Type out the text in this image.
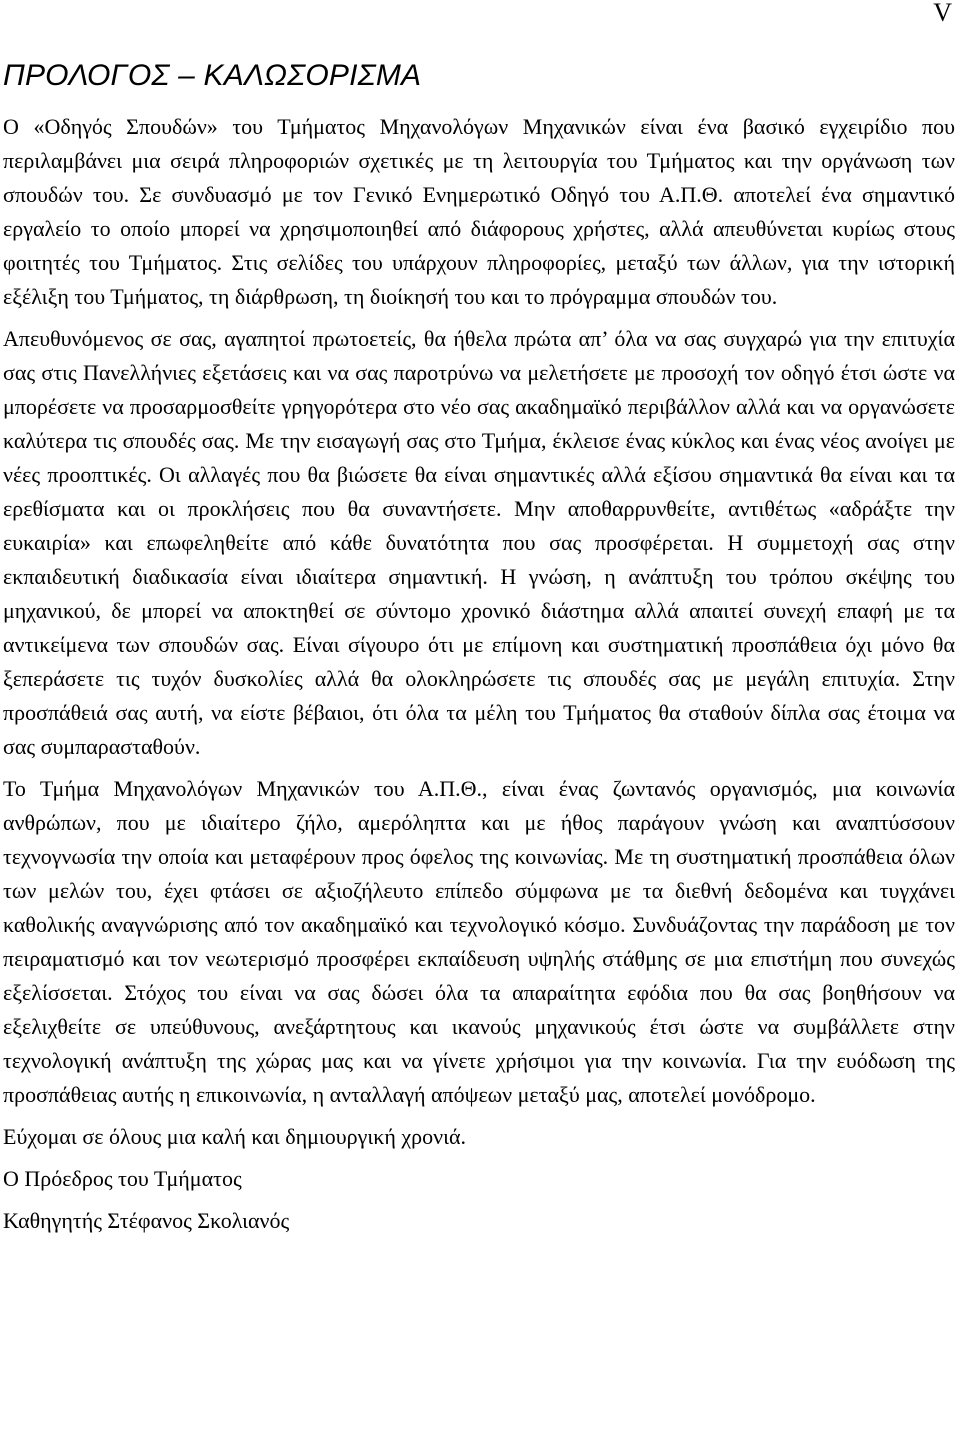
V
ΠΡΟΛΟΓΟΣ – ΚΑΛΩΣΟΡΙΣΜΑ

Ο «Οδηγός Σπουδών» του Τμήματος Μηχανολόγων Μηχανικών είναι ένα βασικό εγχειρίδιο που περιλαμβάνει μια σειρά πληροφοριών σχετικές με τη λειτουργία του Τμήματος και την οργάνωση των σπουδών του. Σε συνδυασμό με τον Γενικό Ενημερωτικό Οδηγό του Α.Π.Θ. αποτελεί ένα σημαντικό εργαλείο το οποίο μπορεί να χρησιμοποιηθεί από διάφορους χρήστες, αλλά απευθύνεται κυρίως στους φοιτητές του Τμήματος. Στις σελίδες του υπάρχουν πληροφορίες, μεταξύ των άλλων, για την ιστορική εξέλιξη του Τμήματος, τη διάρθρωση, τη διοίκησή του και το πρόγραμμα σπουδών του.

Απευθυνόμενος σε σας, αγαπητοί πρωτοετείς, θα ήθελα πρώτα απ’ όλα να σας συγχαρώ για την επιτυχία σας στις Πανελλήνιες εξετάσεις και να σας παροτρύνω να μελετήσετε με προσοχή τον οδηγό έτσι ώστε να μπορέσετε να προσαρμοσθείτε γρηγορότερα στο νέο σας ακαδημαϊκό περιβάλλον αλλά και να οργανώσετε καλύτερα τις σπουδές σας. Με την εισαγωγή σας στο Τμήμα, έκλεισε ένας κύκλος και ένας νέος ανοίγει με νέες προοπτικές. Οι αλλαγές που θα βιώσετε θα είναι σημαντικές αλλά εξίσου σημαντικά θα είναι και τα ερεθίσματα και οι προκλήσεις που θα συναντήσετε. Μην αποθαρρυνθείτε, αντιθέτως «αδράξτε την ευκαιρία» και επωφεληθείτε από κάθε δυνατότητα που σας προσφέρεται. Η συμμετοχή σας στην εκπαιδευτική διαδικασία είναι ιδιαίτερα σημαντική. Η γνώση, η ανάπτυξη του τρόπου σκέψης του μηχανικού, δε μπορεί να αποκτηθεί σε σύντομο χρονικό διάστημα αλλά απαιτεί συνεχή επαφή με τα αντικείμενα των σπουδών σας. Είναι σίγουρο ότι με επίμονη και συστηματική προσπάθεια όχι μόνο θα ξεπεράσετε τις τυχόν δυσκολίες αλλά θα ολοκληρώσετε τις σπουδές σας με μεγάλη επιτυχία. Στην προσπάθειά σας αυτή, να είστε βέβαιοι, ότι όλα τα μέλη του Τμήματος θα σταθούν δίπλα σας έτοιμα να σας συμπαρασταθούν.

Το Τμήμα Μηχανολόγων Μηχανικών του Α.Π.Θ., είναι ένας ζωντανός οργανισμός, μια κοινωνία ανθρώπων, που με ιδιαίτερο ζήλο, αμερόληπτα και με ήθος παράγουν γνώση και αναπτύσσουν τεχνογνωσία την οποία και μεταφέρουν προς όφελος της κοινωνίας. Με τη συστηματική προσπάθεια όλων των μελών του, έχει φτάσει σε αξιοζήλευτο επίπεδο σύμφωνα με τα διεθνή δεδομένα και τυγχάνει καθολικής αναγνώρισης από τον ακαδημαϊκό και τεχνολογικό κόσμο. Συνδυάζοντας την παράδοση με τον πειραματισμό και τον νεωτερισμό προσφέρει εκπαίδευση υψηλής στάθμης σε μια επιστήμη που συνεχώς εξελίσσεται. Στόχος του είναι να σας δώσει όλα τα απαραίτητα εφόδια που θα σας βοηθήσουν να εξελιχθείτε σε υπεύθυνους, ανεξάρτητους και ικανούς μηχανικούς έτσι ώστε να συμβάλλετε στην τεχνολογική ανάπτυξη της χώρας μας και να γίνετε χρήσιμοι για την κοινωνία. Για την ευόδωση της προσπάθειας αυτής η επικοινωνία, η ανταλλαγή απόψεων μεταξύ μας, αποτελεί μονόδρομο.

Εύχομαι σε όλους μια καλή και δημιουργική χρονιά.

Ο Πρόεδρος του Τμήματος

Καθηγητής Στέφανος Σκολιανός
